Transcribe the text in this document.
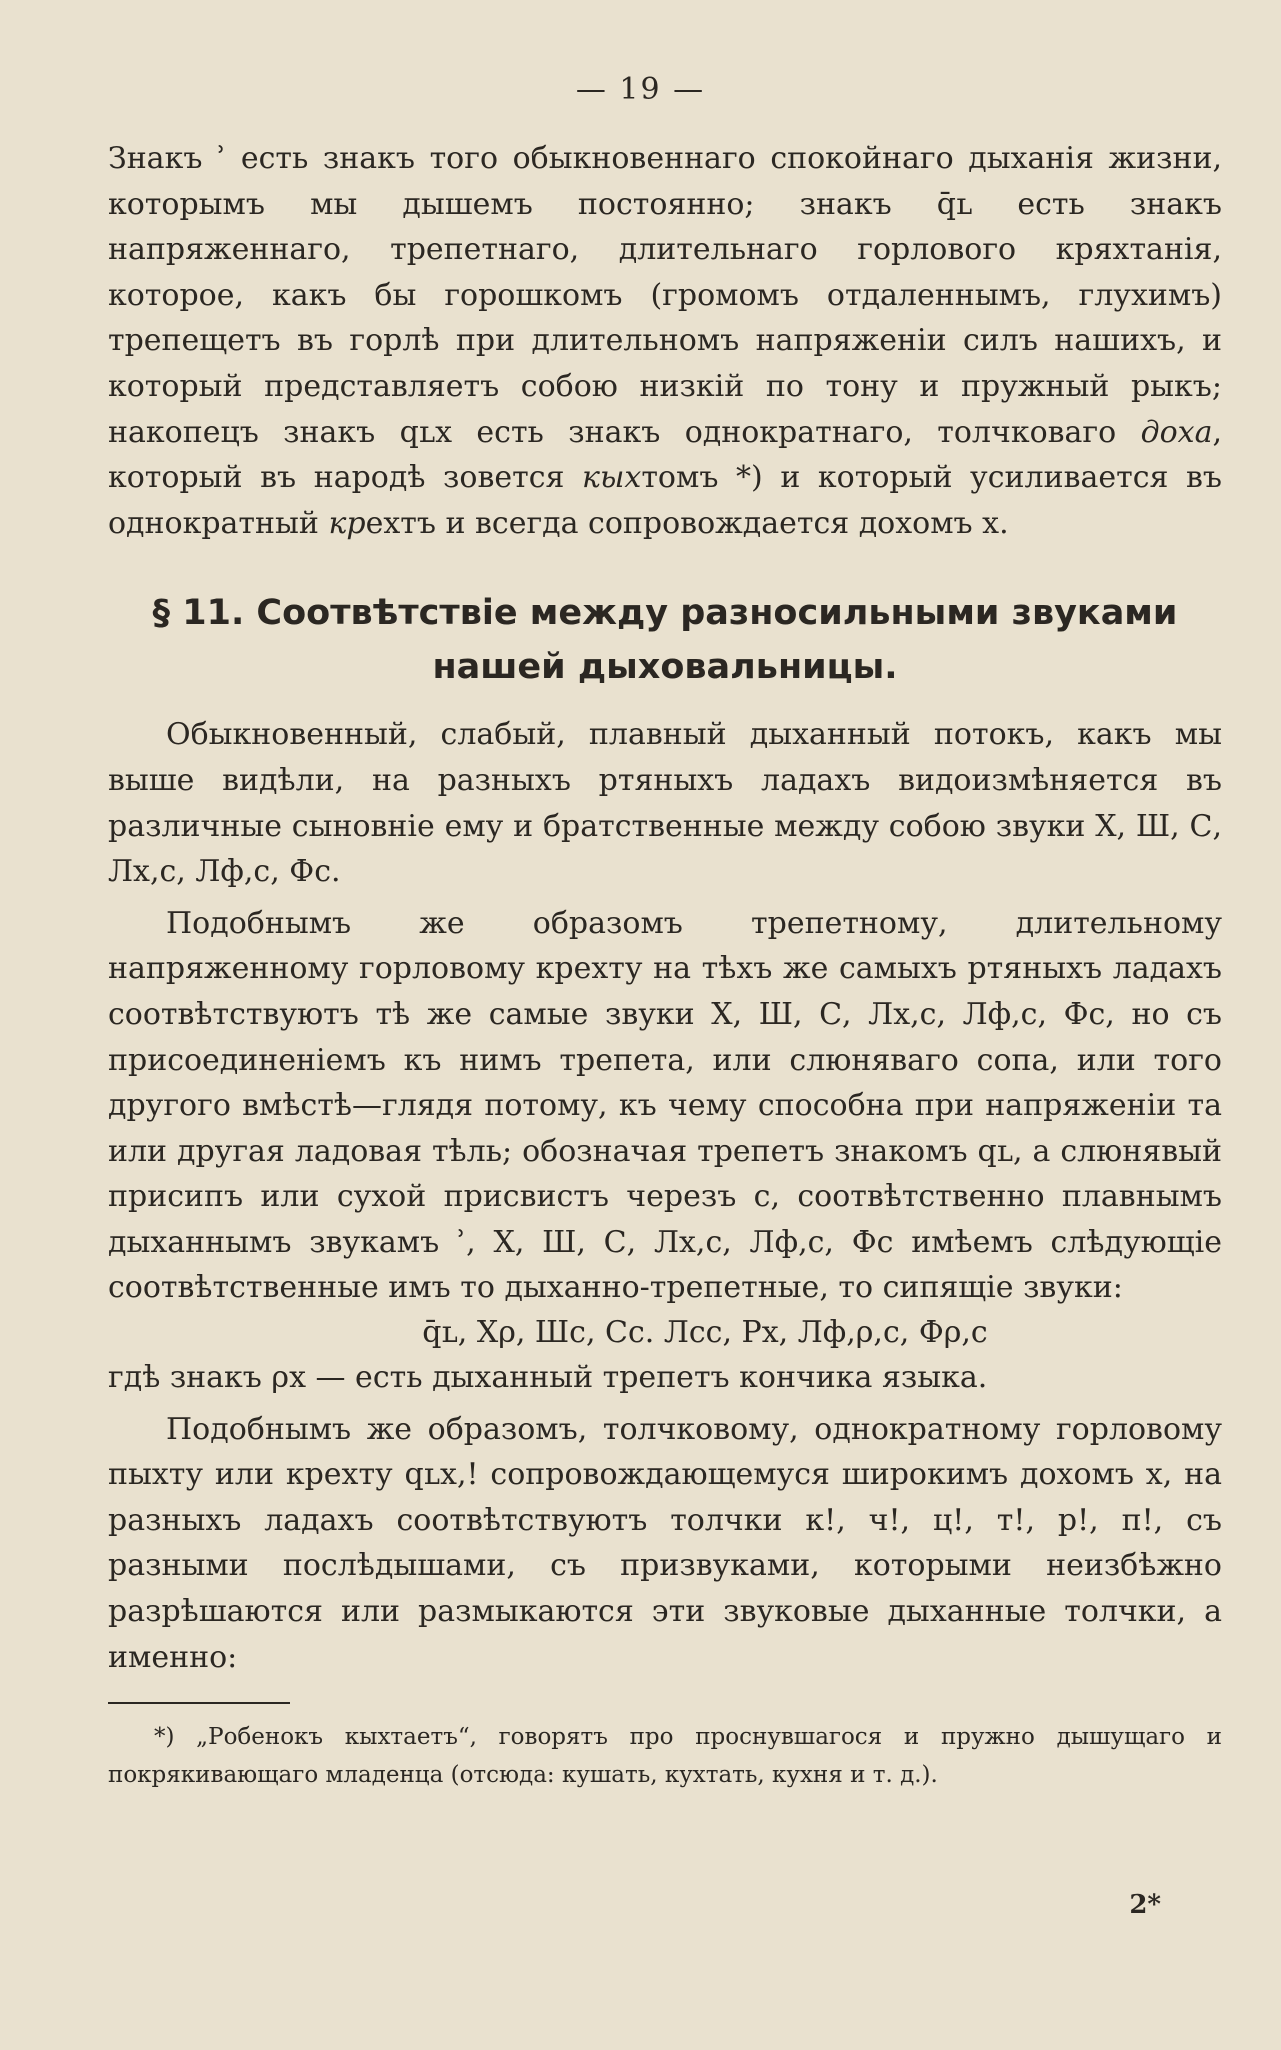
— 19 —

Знакъ ʾ есть знакъ того обыкновеннаго спокойнаго дыханія жизни, которымъ мы дышемъ постоянно; знакъ q̄ʟ есть знакъ напряженнаго, трепетнаго, длительнаго горлового кряхтанія, которое, какъ бы горошкомъ (громомъ отдаленнымъ, глухимъ) трепещетъ въ горлѣ при длительномъ напряженіи силъ нашихъ, и который представляетъ собою низкій по тону и пружный рыкъ; накопецъ знакъ qʟx есть знакъ однократнаго, толчковаго доха, который въ народѣ зовется кыхтомъ *) и который усиливается въ однократный крехтъ и всегда сопровождается дохомъ x.

§ 11. Соотвѣтствіе между разносильными звуками
нашей дыховальницы.

Обыкновенный, слабый, плавный дыханный потокъ, какъ мы выше видѣли, на разныхъ ртяныхъ ладахъ видоизмѣняется въ различные сыновніе ему и братственные между собою звуки X, Ш, С, Лх,с, Лф,с, Фс.

Подобнымъ же образомъ трепетному, длительному напряженному горловому крехту на тѣхъ же самыхъ ртяныхъ ладахъ соотвѣтствуютъ тѣ же самые звуки X, Ш, С, Лх,с, Лф,с, Фс, но съ присоединеніемъ къ нимъ трепета, или слюняваго сопа, или того другого вмѣстѣ—глядя потому, къ чему способна при напряженіи та или другая ладовая тѣль; обозначая трепетъ знакомъ qʟ, а слюнявый присипъ или сухой присвистъ черезъ с, соотвѣтственно плавнымъ дыханнымъ звукамъ ʾ, X, Ш, С, Лх,с, Лф,с, Фс имѣемъ слѣдующіе соотвѣтственные имъ то дыханно-трепетные, то сипящіе звуки:

q̄ʟ, Xρ, Шс, Сс. Лсс, Рх, Лф,ρ,с, Фρ,с

гдѣ знакъ ρх — есть дыханный трепетъ кончика языка.

Подобнымъ же образомъ, толчковому, однократному горловому пыхту или крехту qʟx,! сопровождающемуся широкимъ дохомъ x, на разныхъ ладахъ соотвѣтствуютъ толчки к!, ч!, ц!, т!, р!, п!, съ разными послѣдышами, съ призвуками, которыми неизбѣжно разрѣшаются или размыкаются эти звуковые дыханные толчки, а именно:

*) „Робенокъ кыхтаетъ“, говорятъ про проснувшагося и пружно дышущаго и покрякивающаго младенца (отсюда: кушать, кухтать, кухня и т. д.).

2*
